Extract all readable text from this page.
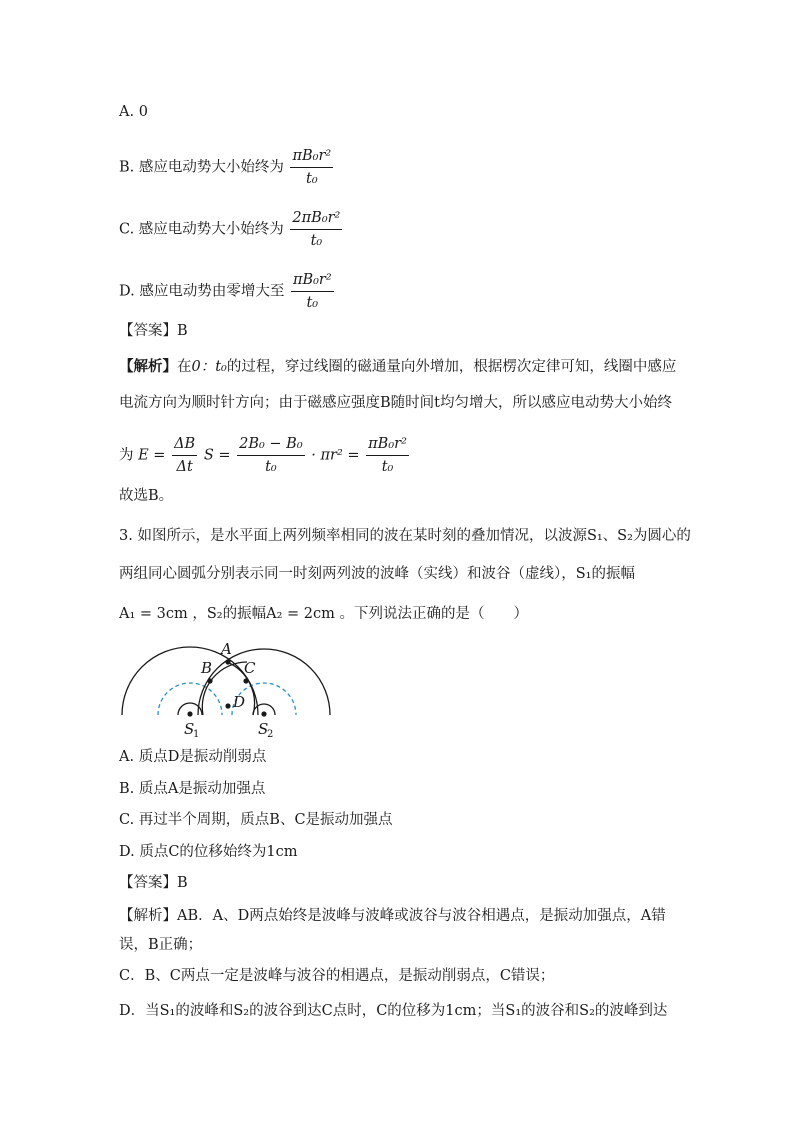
A. 0
B. 感应电动势大小始终为 $\frac{\text{πB₀r²}}{\text{t₀}}$
C. 感应电动势大小始终为 $\frac{\text{2πB₀r²}}{\text{t₀}}$
D. 感应电动势由零增大至 $\frac{\text{πB₀r²}}{\text{t₀}}$
【答案】B
【解析】在0：t₀的过程，穿过线圈的磁通量向外增加，根据楞次定律可知，线圈中感应
电流方向为顺时针方向；由于磁感应强度B随时间t均匀增大，所以感应电动势大小始终
为 $E = \frac{\Delta B}{\Delta t}$ $S = \frac{\text{2B₀ − B₀}}{\text{t₀}} \cdot \pi r^2 = \frac{\text{πB₀r²}}{\text{t₀}}$
故选B。
3. 如图所示，是水平面上两列频率相同的波在某时刻的叠加情况，以波源S₁、S₂为圆心的
两组同心圆弧分别表示同一时刻两列波的波峰（实线）和波谷（虚线），S₁的振幅
A₁ = 3cm ，S₂的振幅A₂ = 2cm 。下列说法正确的是（　　）
A
B C
D
S
1	S
2
A. 质点D是振动削弱点
B. 质点A是振动加强点
C. 再过半个周期，质点B、C是振动加强点
D. 质点C的位移始终为1cm
【答案】B
【解析】AB．A、D两点始终是波峰与波峰或波谷与波谷相遇点，是振动加强点，A错
误，B正确；
C．B、C两点一定是波峰与波谷的相遇点，是振动削弱点，C错误；
D．当S₁的波峰和S₂的波谷到达C点时，C的位移为1cm；当S₁的波谷和S₂的波峰到达
